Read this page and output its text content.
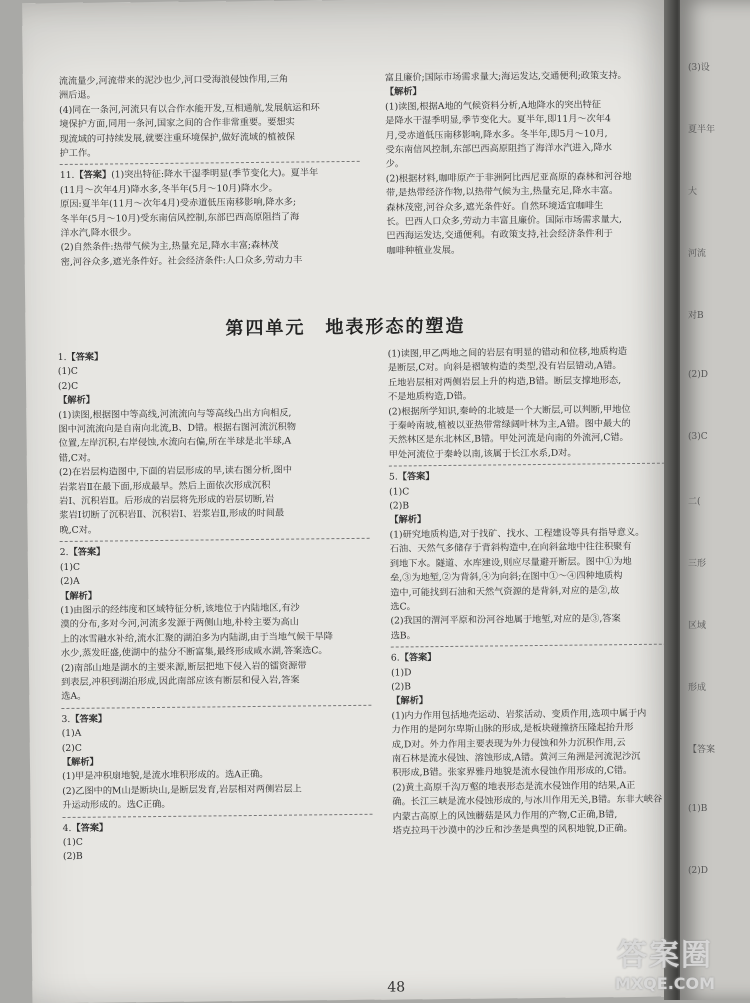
流流量少,河流带来的泥沙也少,河口受海浪侵蚀作用,三角

洲后退。

(4)同在一条河,河流只有以合作水能开发,互相通航,发展航运和环

境保护方面,同用一条河,国家之间的合作非常重要。要想实

现流域的可持续发展,就要注重环境保护,做好流域的植被保

护工作。

11.【答案】(1)突出特征:降水干湿季明显(季节变化大)。夏半年

(11月～次年4月)降水多,冬半年(5月～10月)降水少。

原因:夏半年(11月～次年4月)受赤道低压南移影响,降水多;

冬半年(5月～10月)受东南信风控制,东部巴西高原阻挡了海

洋水汽,降水很少。

(2)自然条件:热带气候为主,热量充足,降水丰富;森林茂

密,河谷众多,遮光条件好。社会经济条件:人口众多,劳动力丰

富且廉价;国际市场需求量大;海运发达,交通便利;政策支持。

【解析】

(1)读图,根据A地的气候资料分析,A地降水的突出特征

是降水干湿季明显,季节变化大。夏半年,即11月～次年4

月,受赤道低压南移影响,降水多。冬半年,即5月～10月,

受东南信风控制,东部巴西高原阻挡了海洋水汽进入,降水

少。

(2)根据材料,咖啡原产于非洲阿比西尼亚高原的森林和河谷地

带,是热带经济作物,以热带气候为主,热量充足,降水丰富。

森林茂密,河谷众多,遮光条件好。自然环境适宜咖啡生

长。巴西人口众多,劳动力丰富且廉价。国际市场需求量大,

巴西海运发达,交通便利。有政策支持,社会经济条件利于

咖啡种植业发展。

第四单元　地表形态的塑造

1.【答案】

(1)C

(2)C

【解析】

(1)读图,根据图中等高线,河流流向与等高线凸出方向相反,

图中河流流向是自南向北流,B、D错。根据右图河流沉积物

位置,左岸沉积,右岸侵蚀,水流向右偏,所在半球是北半球,A

错,C对。

(2)在岩层构造图中,下面的岩层形成的早,读右图分析,图中

岩浆岩Ⅱ在最下面,形成最早。然后上面依次形成沉积

岩Ⅰ、沉积岩Ⅱ。后形成的岩层将先形成的岩层切断,岩

浆岩Ⅰ切断了沉积岩Ⅱ、沉积岩Ⅰ、岩浆岩Ⅱ,形成的时间最

晚,C对。

2.【答案】

(1)C

(2)A

【解析】

(1)由图示的经纬度和区域特征分析,该地位于内陆地区,有沙

漠的分布,多对今河,河流多发源于两侧山地,朴柃主要为高山

上的冰雪融水补给,流水汇聚的湖泊多为内陆湖,由于当地气候干旱降

水少,蒸发旺盛,使湖中的盐分不断富集,最终形成咸水湖,答案选C。

(2)南部山地是湖水的主要来源,断层把地下侵入岩的镭资源带

到表层,冲积到湖泊形成,因此南部应该有断层和侵入岩,答案

选A。

3.【答案】

(1)A

(2)C

【解析】

(1)甲是冲积扇地貌,是流水堆积形成的。选A正确。

(2)乙图中的M山是断块山,是断层发育,岩层相对两侧岩层上

升运动形成的。选C正确。

4.【答案】

(1)C

(2)B

(1)读图,甲乙两地之间的岩层有明显的错动和位移,地质构造

是断层,C对。向斜是褶皱构造的类型,没有岩层错动,A错。

丘地岩层相对两侧岩层上升的构造,B错。断层支撑地形态,

不是地质构造,D错。

(2)根据所学知识,秦岭的北坡是一个大断层,可以判断,甲地位

于秦岭南坡,植被以亚热带常绿阔叶林为主,A错。图中最大的

天然林区是东北林区,B错。甲处河流是向南的外流河,C错。

甲处河流位于秦岭以南,该属于长江水系,D对。

5.【答案】

(1)C

(2)B

【解析】

(1)研究地质构造,对于找矿、找水、工程建设等具有指导意义。

石油、天然气多储存于背斜构造中,在向斜盆地中往往积聚有

到地下水。隧道、水库建设,则应尽量避开断层。图中①为地

垒,③为地堑,②为背斜,④为向斜;在图中①～④四种地质构

造中,可能找到石油和天然气资源的是背斜,对应的是②,故

选C。

(2)我国的渭河平原和汾河谷地属于地堑,对应的是③,答案

选B。

6.【答案】

(1)D

(2)B

【解析】

(1)内力作用包括地壳运动、岩浆活动、变质作用,选项中属于内

力作用的是阿尔卑斯山脉的形成,是板块碰撞挤压隆起抬升形

成,D对。外力作用主要表现为外力侵蚀和外力沉积作用,云

南石林是流水侵蚀、溶蚀形成,A错。黄河三角洲是河流泥沙沉

积形成,B错。张家界雅丹地貌是流水侵蚀作用形成的,C错。

(2)黄土高原千沟万壑的地表形态是流水侵蚀作用的结果,A正

确。长江三峡是流水侵蚀形成的,与冰川作用无关,B错。东非大峡谷

内蒙古高原上的风蚀蘑菇是风力作用的产物,C正确,B错,

塔克拉玛干沙漠中的沙丘和沙垄是典型的风积地貌,D正确。

48
(3)设
夏半年
大
河流
对B
(2)D
(3)C
二(
三形
区域
形成
【答案
(1)B
(2)D
答案圈
MXQE.COM
